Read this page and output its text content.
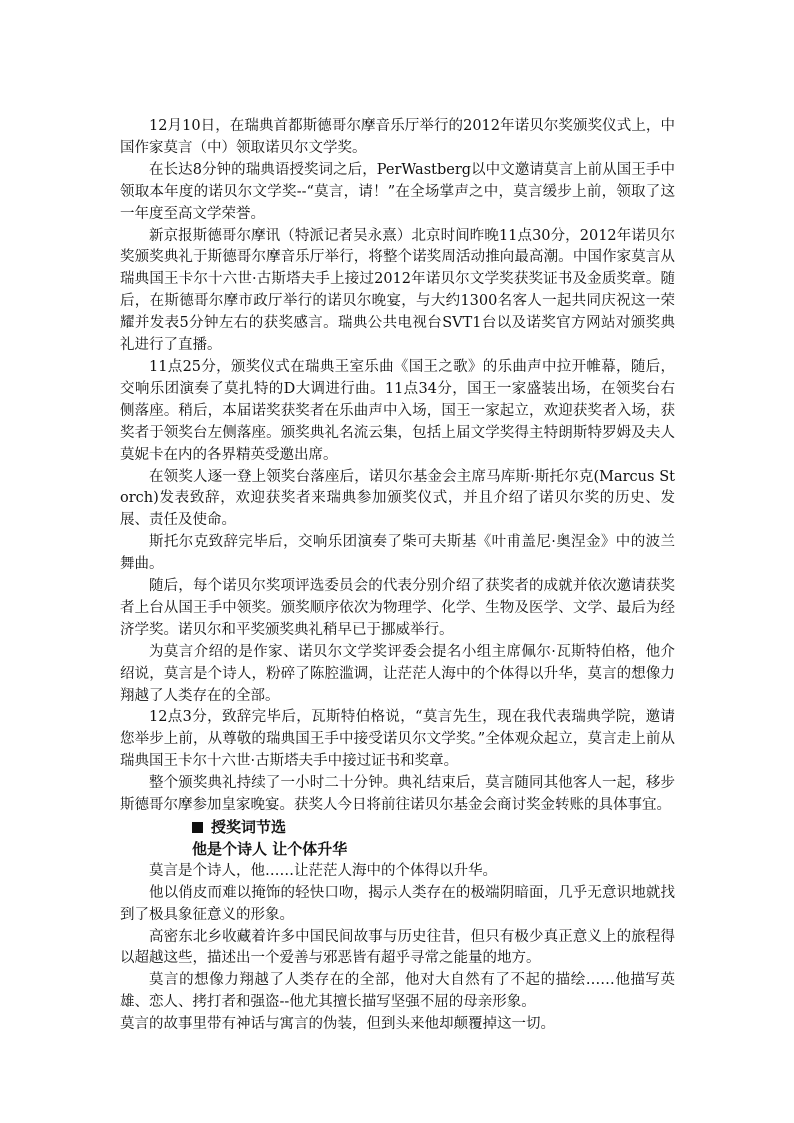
12月10日，在瑞典首都斯德哥尔摩音乐厅举行的2012年诺贝尔奖颁奖仪式上，中国作家莫言（中）领取诺贝尔文学奖。

在长达8分钟的瑞典语授奖词之后，PerWastberg以中文邀请莫言上前从国王手中领取本年度的诺贝尔文学奖--“莫言，请！”在全场掌声之中，莫言缓步上前，领取了这一年度至高文学荣誉。

新京报斯德哥尔摩讯（特派记者吴永熹）北京时间昨晚11点30分，2012年诺贝尔奖颁奖典礼于斯德哥尔摩音乐厅举行，将整个诺奖周活动推向最高潮。中国作家莫言从瑞典国王卡尔十六世·古斯塔夫手上接过2012年诺贝尔文学奖获奖证书及金质奖章。随后，在斯德哥尔摩市政厅举行的诺贝尔晚宴，与大约1300名客人一起共同庆祝这一荣耀并发表5分钟左右的获奖感言。瑞典公共电视台SVT1台以及诺奖官方网站对颁奖典礼进行了直播。

11点25分，颁奖仪式在瑞典王室乐曲《国王之歌》的乐曲声中拉开帷幕，随后，交响乐团演奏了莫扎特的D大调进行曲。11点34分，国王一家盛装出场，在领奖台右侧落座。稍后，本届诺奖获奖者在乐曲声中入场，国王一家起立，欢迎获奖者入场，获奖者于领奖台左侧落座。颁奖典礼名流云集，包括上届文学奖得主特朗斯特罗姆及夫人莫妮卡在内的各界精英受邀出席。

在领奖人逐一登上领奖台落座后，诺贝尔基金会主席马库斯·斯托尔克(Marcus Storch)发表致辞，欢迎获奖者来瑞典参加颁奖仪式，并且介绍了诺贝尔奖的历史、发展、责任及使命。

斯托尔克致辞完毕后，交响乐团演奏了柴可夫斯基《叶甫盖尼·奥涅金》中的波兰舞曲。

随后，每个诺贝尔奖项评选委员会的代表分别介绍了获奖者的成就并依次邀请获奖者上台从国王手中领奖。颁奖顺序依次为物理学、化学、生物及医学、文学、最后为经济学奖。诺贝尔和平奖颁奖典礼稍早已于挪威举行。

为莫言介绍的是作家、诺贝尔文学奖评委会提名小组主席佩尔·瓦斯特伯格，他介绍说，莫言是个诗人，粉碎了陈腔滥调，让茫茫人海中的个体得以升华，莫言的想像力翔越了人类存在的全部。

12点3分，致辞完毕后，瓦斯特伯格说，“莫言先生，现在我代表瑞典学院，邀请您举步上前，从尊敬的瑞典国王手中接受诺贝尔文学奖。”全体观众起立，莫言走上前从瑞典国王卡尔十六世·古斯塔夫手中接过证书和奖章。

整个颁奖典礼持续了一小时二十分钟。典礼结束后，莫言随同其他客人一起，移步斯德哥尔摩参加皇家晚宴。获奖人今日将前往诺贝尔基金会商讨奖金转账的具体事宜。

授奖词节选
他是个诗人 让个体升华

莫言是个诗人，他……让茫茫人海中的个体得以升华。

他以俏皮而难以掩饰的轻快口吻，揭示人类存在的极端阴暗面，几乎无意识地就找到了极具象征意义的形象。

高密东北乡收藏着许多中国民间故事与历史往昔，但只有极少真正意义上的旅程得以超越这些，描述出一个爱善与邪恶皆有超乎寻常之能量的地方。

莫言的想像力翔越了人类存在的全部，他对大自然有了不起的描绘……他描写英雄、恋人、拷打者和强盗--他尤其擅长描写坚强不屈的母亲形象。

莫言的故事里带有神话与寓言的伪装，但到头来他却颠覆掉这一切。
